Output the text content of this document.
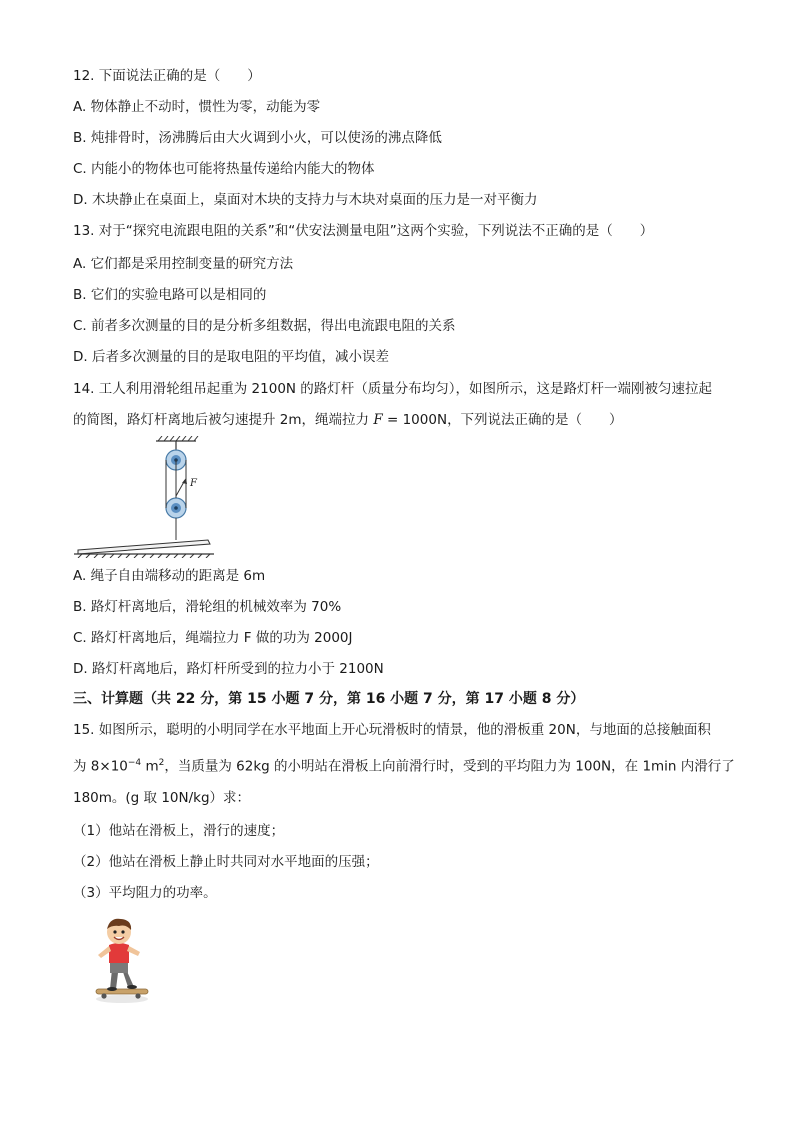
12. 下面说法正确的是（　　）
A. 物体静止不动时，惯性为零，动能为零
B. 炖排骨时，汤沸腾后由大火调到小火，可以使汤的沸点降低
C. 内能小的物体也可能将热量传递给内能大的物体
D. 木块静止在桌面上，桌面对木块的支持力与木块对桌面的压力是一对平衡力
13. 对于“探究电流跟电阻的关系”和“伏安法测量电阻”这两个实验，下列说法不正确的是（　　）
A. 它们都是采用控制变量的研究方法
B. 它们的实验电路可以是相同的
C. 前者多次测量的目的是分析多组数据，得出电流跟电阻的关系
D. 后者多次测量的目的是取电阻的平均值，减小误差
14. 工人利用滑轮组吊起重为 2100N 的路灯杆（质量分布均匀），如图所示，这是路灯杆一端刚被匀速拉起
的简图，路灯杆离地后被匀速提升 2m，绳端拉力 F = 1000N，下列说法正确的是（　　）
F
A. 绳子自由端移动的距离是 6m
B. 路灯杆离地后，滑轮组的机械效率为 70%
C. 路灯杆离地后，绳端拉力 F 做的功为 2000J
D. 路灯杆离地后，路灯杆所受到的拉力小于 2100N
三、计算题（共 22 分，第 15 小题 7 分，第 16 小题 7 分，第 17 小题 8 分）
15. 如图所示，聪明的小明同学在水平地面上开心玩滑板时的情景，他的滑板重 20N，与地面的总接触面积
为 $8\times 10^{-4}$ $m^2$，当质量为 62kg 的小明站在滑板上向前滑行时，受到的平均阻力为 100N，在 1min 内滑行了
180m。(g 取 10N/kg）求：
（1）他站在滑板上，滑行的速度；
（2）他站在滑板上静止时共同对水平地面的压强；
（3）平均阻力的功率。
